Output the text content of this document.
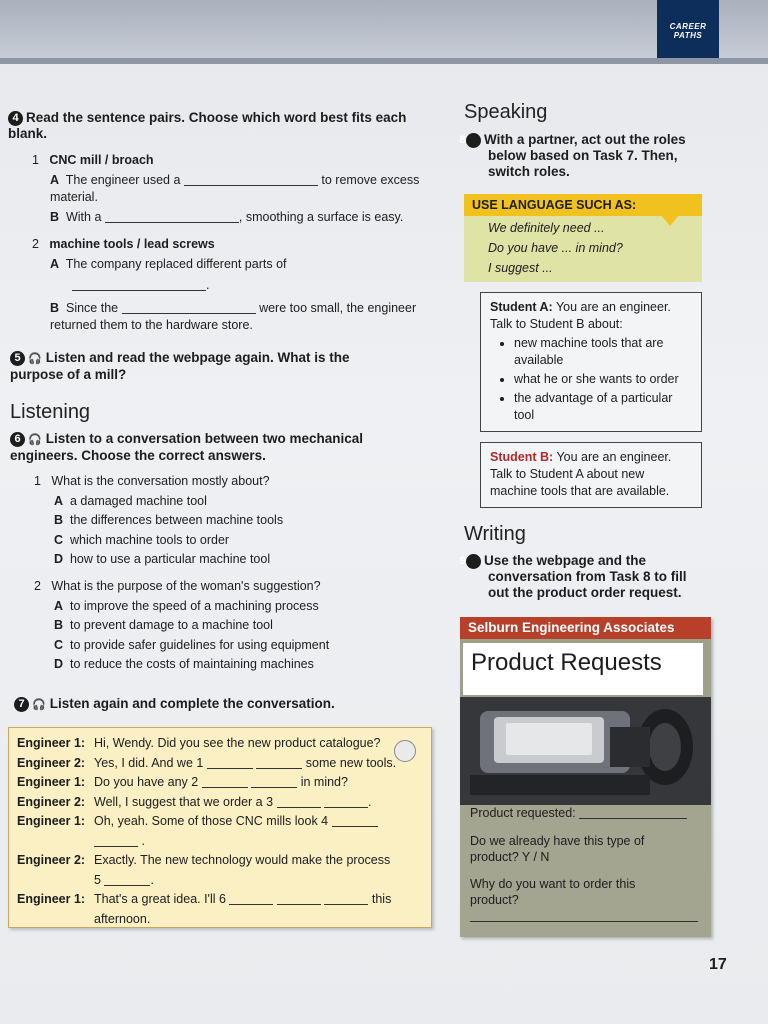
CAREER PATHS
4 Read the sentence pairs. Choose which word best fits each blank.
1 CNC mill / broach
A The engineer used a	to remove excess material.
B With a	, smoothing a surface is easy.
2 machine tools / lead screws
A The company replaced different parts of
.
B Since the	were too small, the engineer returned them to the hardware store.
5 🎧 Listen and read the webpage again. What is the purpose of a mill?
Listening
6 🎧 Listen to a conversation between two mechanical engineers. Choose the correct answers.
1 What is the conversation mostly about?
A a damaged machine tool
B the differences between machine tools
C which machine tools to order
D how to use a particular machine tool
2 What is the purpose of the woman's suggestion?
A to improve the speed of a machining process
B to prevent damage to a machine tool
C to provide safer guidelines for using equipment
D to reduce the costs of maintaining machines
7 🎧 Listen again and complete the conversation.
Engineer 1: Hi, Wendy. Did you see the new product catalogue?
Engineer 2: Yes, I did. And we 1	some new tools.
Engineer 1: Do you have any 2	in mind?
Engineer 2: Well, I suggest that we order a 3	.
Engineer 1: Oh, yeah. Some of those CNC mills look 4
.
Engineer 2: Exactly. The new technology would make the process
5	.
Engineer 1: That's a great idea. I'll 6	this
afternoon.
Speaking
8 With a partner, act out the roles below based on Task 7. Then, switch roles.
USE LANGUAGE SUCH AS:
We definitely need ...
Do you have ... in mind?
I suggest ...
Student A: You are an engineer. Talk to Student B about:
• new machine tools that are available
• what he or she wants to order
• the advantage of a particular tool
Student B: You are an engineer. Talk to Student A about new machine tools that are available.
Writing
9 Use the webpage and the conversation from Task 8 to fill out the product order request.
Selburn Engineering Associates
Product Requests
Product requested:
Do we already have this type of product? Y / N
Why do you want to order this product?
17
